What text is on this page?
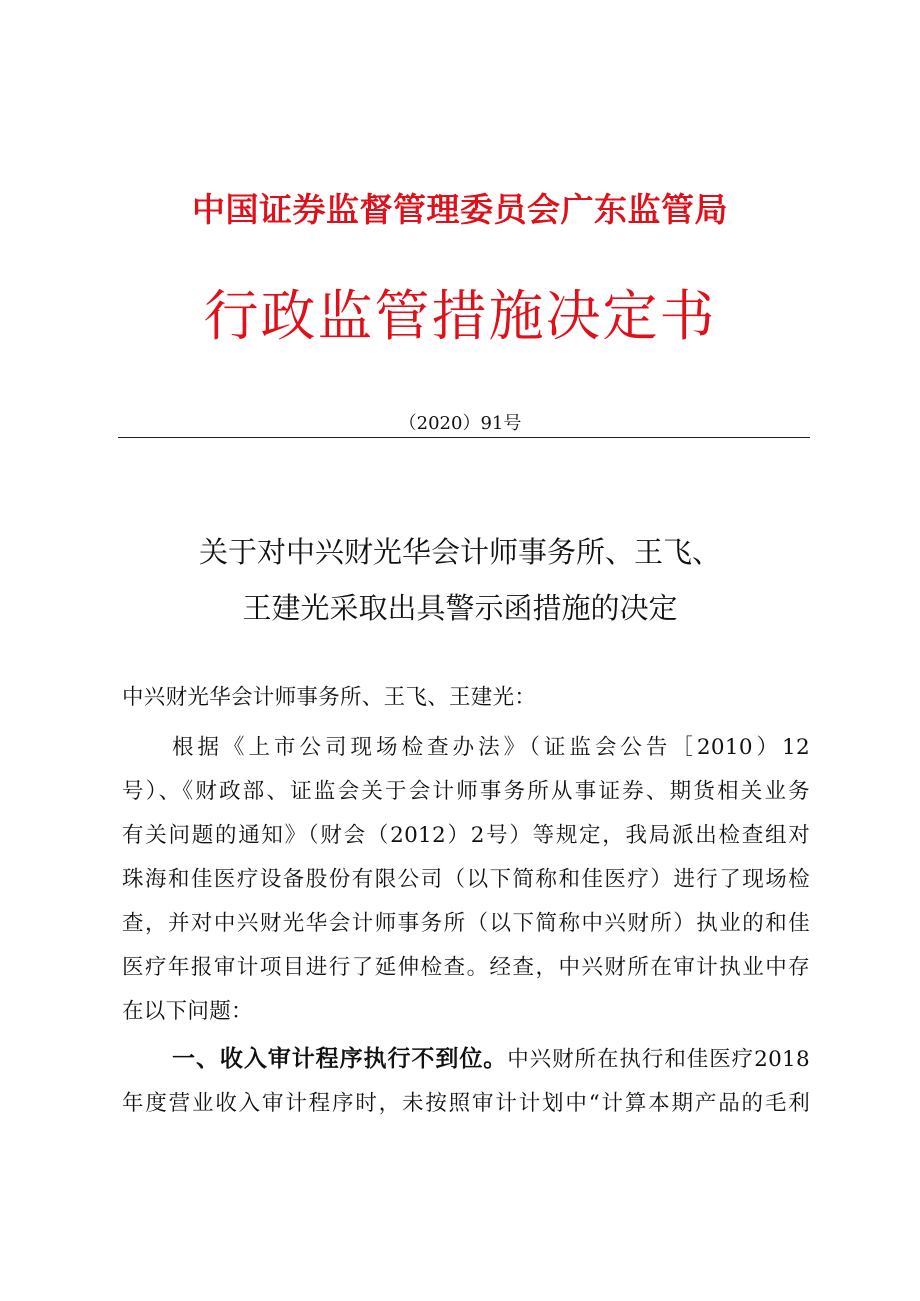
中国证券监督管理委员会广东监管局
行政监管措施决定书
（2020）91号
关于对中兴财光华会计师事务所、王飞、
王建光采取出具警示函措施的决定
中兴财光华会计师事务所、王飞、王建光：
根据《上市公司现场检查办法》（证监会公告［2010）12
号）、《财政部、证监会关于会计师事务所从事证券、期货相关业务
有关问题的通知》（财会（2012）2号）等规定，我局派出检查组对
珠海和佳医疗设备股份有限公司（以下简称和佳医疗）进行了现场检
查，并对中兴财光华会计师事务所（以下简称中兴财所）执业的和佳
医疗年报审计项目进行了延伸检查。经查，中兴财所在审计执业中存
在以下问题：
一、收入审计程序执行不到位。中兴财所在执行和佳医疗2018
年度营业收入审计程序时，未按照审计计划中“计算本期产品的毛利
